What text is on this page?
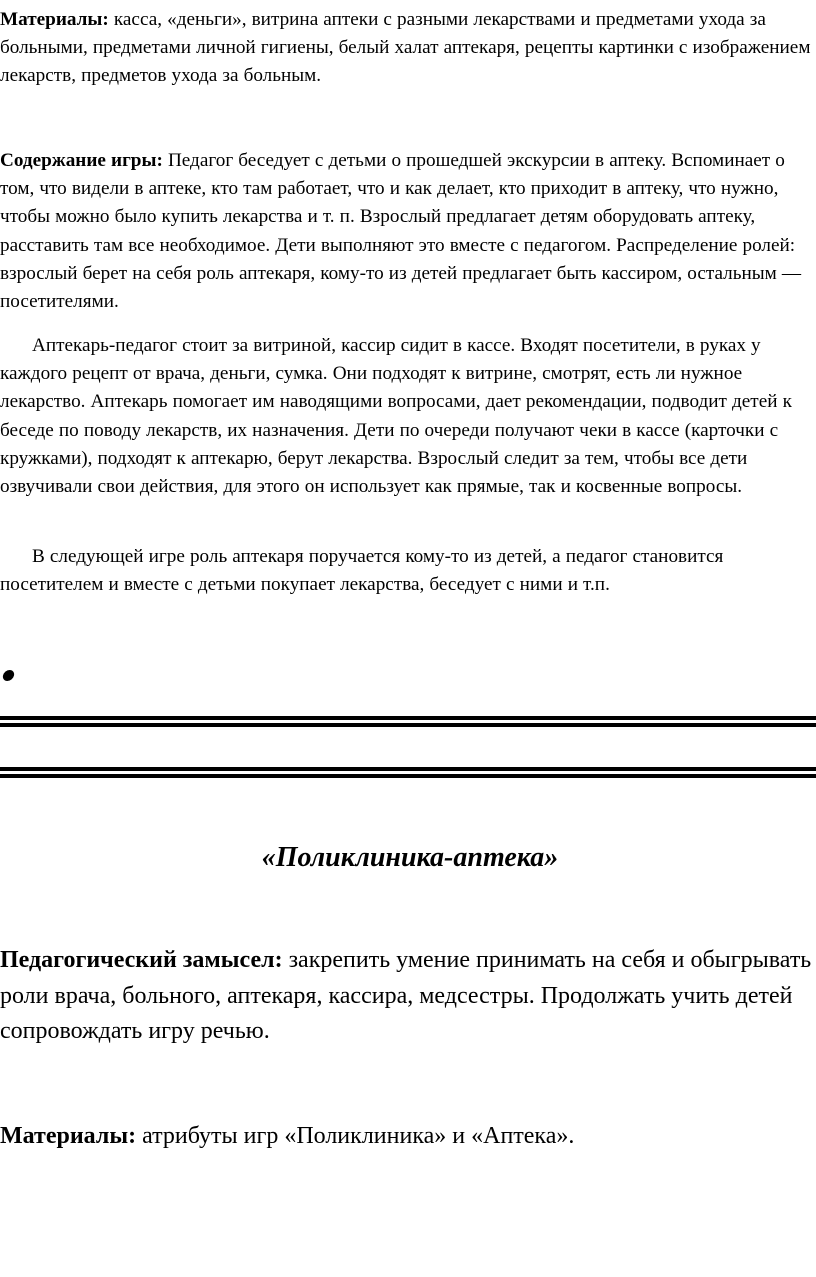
Материалы: касса, «деньги», витрина аптеки с разными лекарствами и предметами ухода за больными, предметами личной гигиены, белый халат аптекаря, рецепты картинки с изображением лекарств, предметов ухода за больным.

Содержание игры: Педагог беседует с детьми о прошедшей экскурсии в аптеку. Вспоминает о том, что видели в аптеке, кто там работает, что и как делает, кто приходит в аптеку, что нужно, чтобы можно было купить лекарства и т. п. Взрослый предлагает детям оборудовать аптеку, расставить там все необходимое. Дети выполняют это вместе с педагогом. Распределение ролей: взрослый берет на себя роль аптекаря, кому-то из детей предлагает быть кассиром, остальным — посетителями.

Аптекарь-педагог стоит за витриной, кассир сидит в кассе. Входят посетители, в руках у каждого рецепт от врача, деньги, сумка. Они подходят к витрине, смотрят, есть ли нужное лекарство. Аптекарь помогает им наводящими вопросами, дает рекомендации, подводит детей к беседе по поводу лекарств, их назначения. Дети по очереди получают чеки в кассе (карточки с кружками), подходят к аптекарю, берут лекарства. Взрослый следит за тем, чтобы все дети озвучивали свои действия, для этого он использует как прямые, так и косвенные вопросы.

В следующей игре роль аптекаря поручается кому-то из детей, а педагог становится посетителем и вместе с детьми покупает лекарства, беседует с ними и т.п.

«Поликлиника-аптека»

Педагогический замысел: закрепить умение принимать на себя и обыгрывать роли врача, больного, аптекаря, кассира, медсестры. Продолжать учить детей сопровождать игру речью.

Материалы: атрибуты игр «Поликлиника» и «Аптека».
